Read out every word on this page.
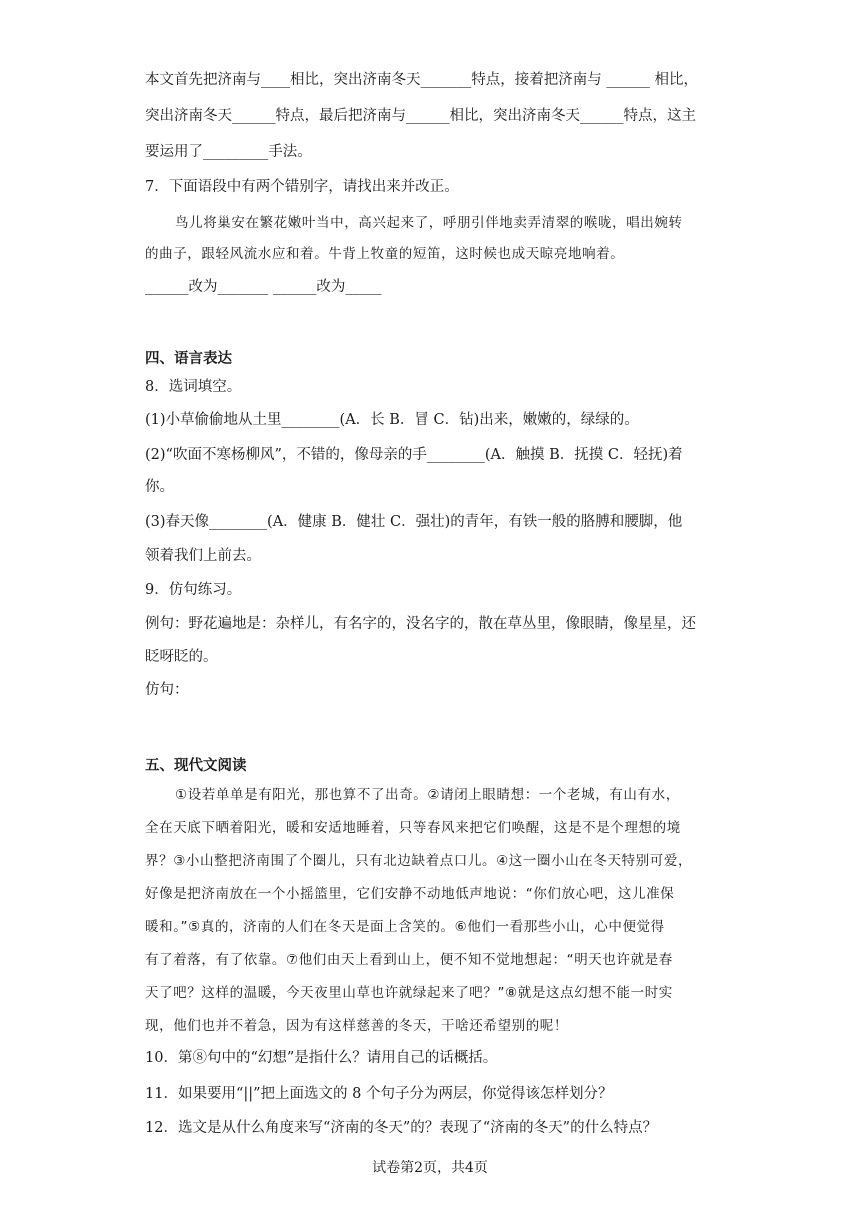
本文首先把济南与____相比，突出济南冬天_______特点，接着把济南与 ______ 相比，
突出济南冬天______特点，最后把济南与______相比，突出济南冬天______特点，这主
要运用了_________手法。
7．下面语段中有两个错别字，请找出来并改正。
鸟儿将巢安在繁花嫩叶当中，高兴起来了，呼朋引伴地卖弄清翠的喉咙，唱出婉转
的曲子，跟轻风流水应和着。牛背上牧童的短笛，这时候也成天晾亮地响着。
______改为_______ ______改为_____
四、语言表达
8．选词填空。
(1)小草偷偷地从土里________(A．长 B．冒 C．钻)出来，嫩嫩的，绿绿的。
(2)“吹面不寒杨柳风”，不错的，像母亲的手________(A．触摸 B．抚摸 C．轻抚)着
你。
(3)春天像________(A．健康 B．健壮 C．强壮)的青年，有铁一般的胳膊和腰脚，他
领着我们上前去。
9．仿句练习。
例句：野花遍地是：杂样儿，有名字的，没名字的，散在草丛里，像眼睛，像星星，还
眨呀眨的。
仿句：
五、现代文阅读
①设若单单是有阳光，那也算不了出奇。②请闭上眼睛想：一个老城，有山有水，
全在天底下晒着阳光，暖和安适地睡着，只等春风来把它们唤醒，这是不是个理想的境
界？③小山整把济南围了个圈儿，只有北边缺着点口儿。④这一圈小山在冬天特别可爱，
好像是把济南放在一个小摇篮里，它们安静不动地低声地说：“你们放心吧，这儿准保
暖和。”⑤真的，济南的人们在冬天是面上含笑的。⑥他们一看那些小山，心中便觉得
有了着落，有了依靠。⑦他们由天上看到山上，便不知不觉地想起：“明天也许就是春
天了吧？这样的温暖，今天夜里山草也许就绿起来了吧？”⑧就是这点幻想不能一时实
现，他们也并不着急，因为有这样慈善的冬天，干啥还希望别的呢！
10．第⑧句中的“幻想”是指什么？请用自己的话概括。
11．如果要用“||”把上面选文的 8 个句子分为两层，你觉得该怎样划分？
12．选文是从什么角度来写“济南的冬天”的？表现了“济南的冬天”的什么特点？
试卷第2页，共4页
